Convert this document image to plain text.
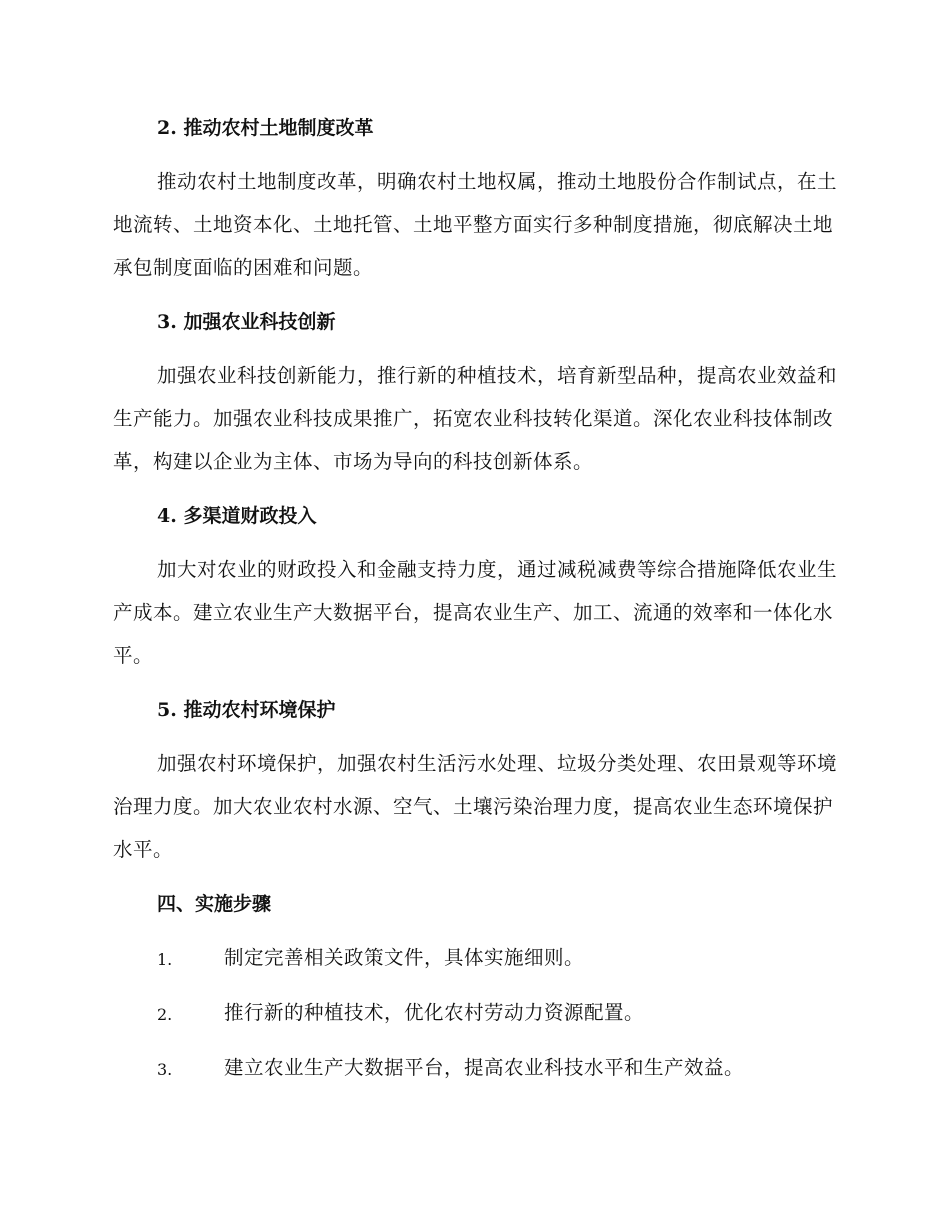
2. 推动农村土地制度改革

推动农村土地制度改革，明确农村土地权属，推动土地股份合作制试点，在土地流转、土地资本化、土地托管、土地平整方面实行多种制度措施，彻底解决土地承包制度面临的困难和问题。

3. 加强农业科技创新

加强农业科技创新能力，推行新的种植技术，培育新型品种，提高农业效益和生产能力。加强农业科技成果推广，拓宽农业科技转化渠道。深化农业科技体制改革，构建以企业为主体、市场为导向的科技创新体系。

4. 多渠道财政投入

加大对农业的财政投入和金融支持力度，通过减税减费等综合措施降低农业生产成本。建立农业生产大数据平台，提高农业生产、加工、流通的效率和一体化水平。

5. 推动农村环境保护

加强农村环境保护，加强农村生活污水处理、垃圾分类处理、农田景观等环境治理力度。加大农业农村水源、空气、土壤污染治理力度，提高农业生态环境保护水平。

四、实施步骤
1.	制定完善相关政策文件，具体实施细则。
2.	推行新的种植技术，优化农村劳动力资源配置。
3.	建立农业生产大数据平台，提高农业科技水平和生产效益。
